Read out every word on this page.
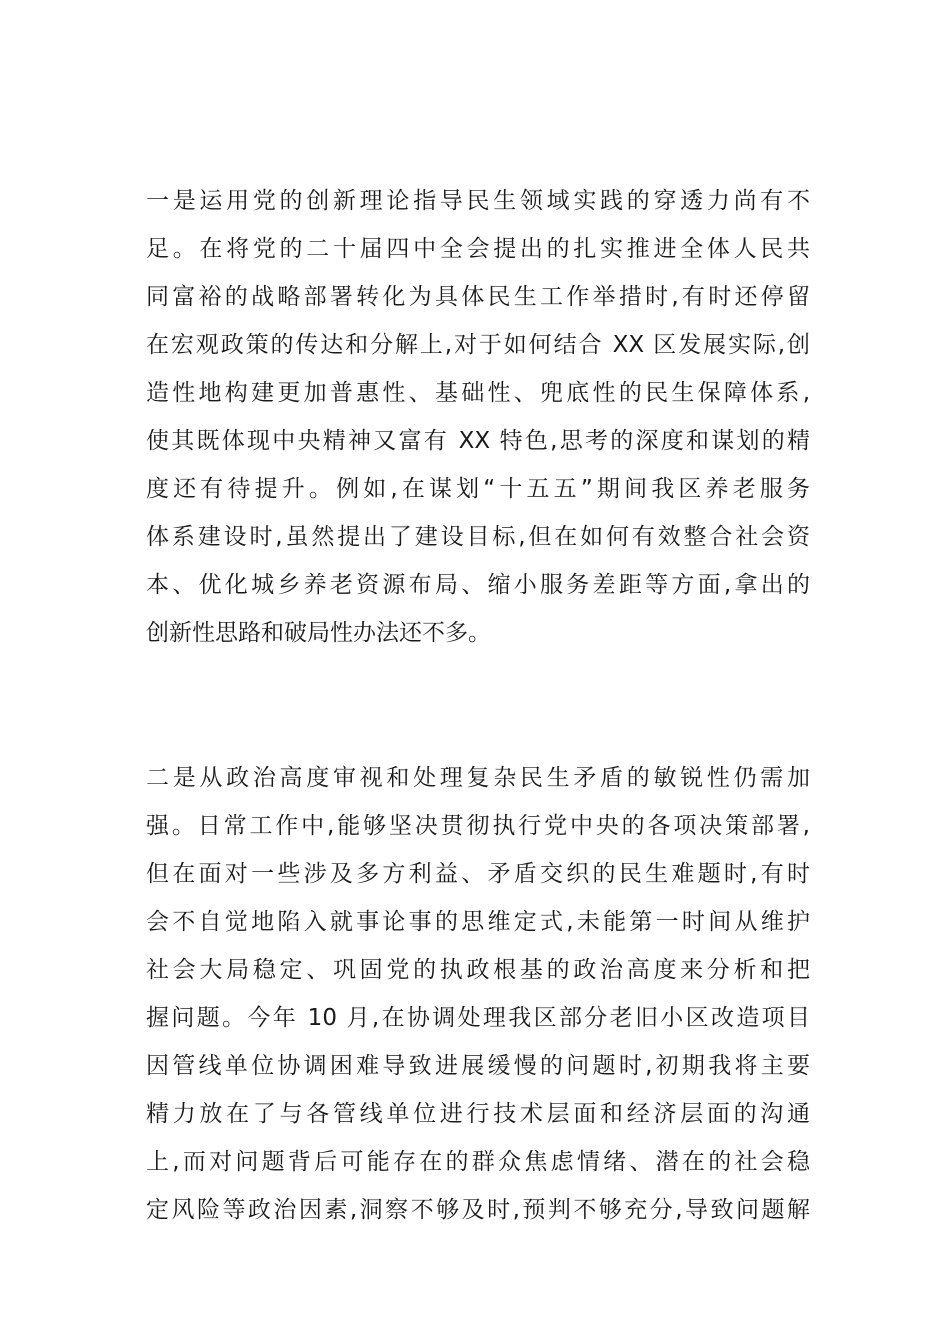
一是运用党的创新理论指导民生领域实践的穿透力尚有不
足。在将党的二十届四中全会提出的扎实推进全体人民共
同富裕的战略部署转化为具体民生工作举措时,有时还停留
在宏观政策的传达和分解上,对于如何结合 XX 区发展实际,创
造性地构建更加普惠性、基础性、兜底性的民生保障体系,
使其既体现中央精神又富有 XX 特色,思考的深度和谋划的精
度还有待提升。例如,在谋划“十五五”期间我区养老服务
体系建设时,虽然提出了建设目标,但在如何有效整合社会资
本、优化城乡养老资源布局、缩小服务差距等方面,拿出的
创新性思路和破局性办法还不多。
二是从政治高度审视和处理复杂民生矛盾的敏锐性仍需加
强。日常工作中,能够坚决贯彻执行党中央的各项决策部署,
但在面对一些涉及多方利益、矛盾交织的民生难题时,有时
会不自觉地陷入就事论事的思维定式,未能第一时间从维护
社会大局稳定、巩固党的执政根基的政治高度来分析和把
握问题。今年 10 月,在协调处理我区部分老旧小区改造项目
因管线单位协调困难导致进展缓慢的问题时,初期我将主要
精力放在了与各管线单位进行技术层面和经济层面的沟通
上,而对问题背后可能存在的群众焦虑情绪、潜在的社会稳
定风险等政治因素,洞察不够及时,预判不够充分,导致问题解
